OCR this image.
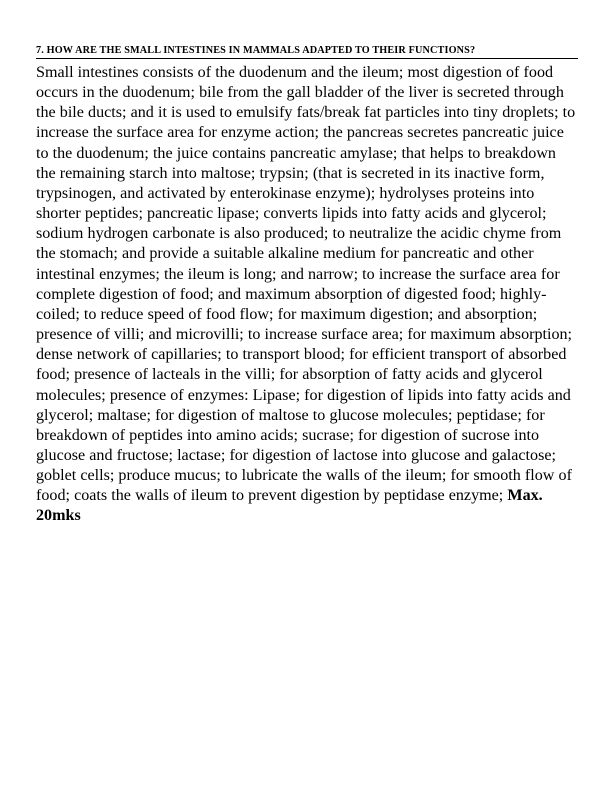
7. HOW ARE THE SMALL INTESTINES IN MAMMALS ADAPTED TO THEIR FUNCTIONS?

Small intestines consists of the duodenum and the ileum; most digestion of food occurs in the duodenum; bile from the gall bladder of the liver is secreted through the bile ducts; and it is used to emulsify fats/break fat particles into tiny droplets; to increase the surface area for enzyme action; the pancreas secretes pancreatic juice to the duodenum; the juice contains pancreatic amylase; that helps to breakdown the remaining starch into maltose; trypsin; (that is secreted in its inactive form, trypsinogen, and activated by enterokinase enzyme); hydrolyses proteins into shorter peptides; pancreatic lipase; converts lipids into fatty acids and glycerol; sodium hydrogen carbonate is also produced; to neutralize the acidic chyme from the stomach; and provide a suitable alkaline medium for pancreatic and other intestinal enzymes; the ileum is long; and narrow; to increase the surface area for complete digestion of food; and maximum absorption of digested food; highly-coiled; to reduce speed of food flow; for maximum digestion; and absorption; presence of villi; and microvilli; to increase surface area; for maximum absorption; dense network of capillaries; to transport blood; for efficient transport of absorbed food; presence of lacteals in the villi; for absorption of fatty acids and glycerol molecules; presence of enzymes: Lipase; for digestion of lipids into fatty acids and glycerol; maltase; for digestion of maltose to glucose molecules; peptidase; for breakdown of peptides into amino acids; sucrase; for digestion of sucrose into glucose and fructose; lactase; for digestion of lactose into glucose and galactose; goblet cells; produce mucus; to lubricate the walls of the ileum; for smooth flow of food; coats the walls of ileum to prevent digestion by peptidase enzyme; Max. 20mks
